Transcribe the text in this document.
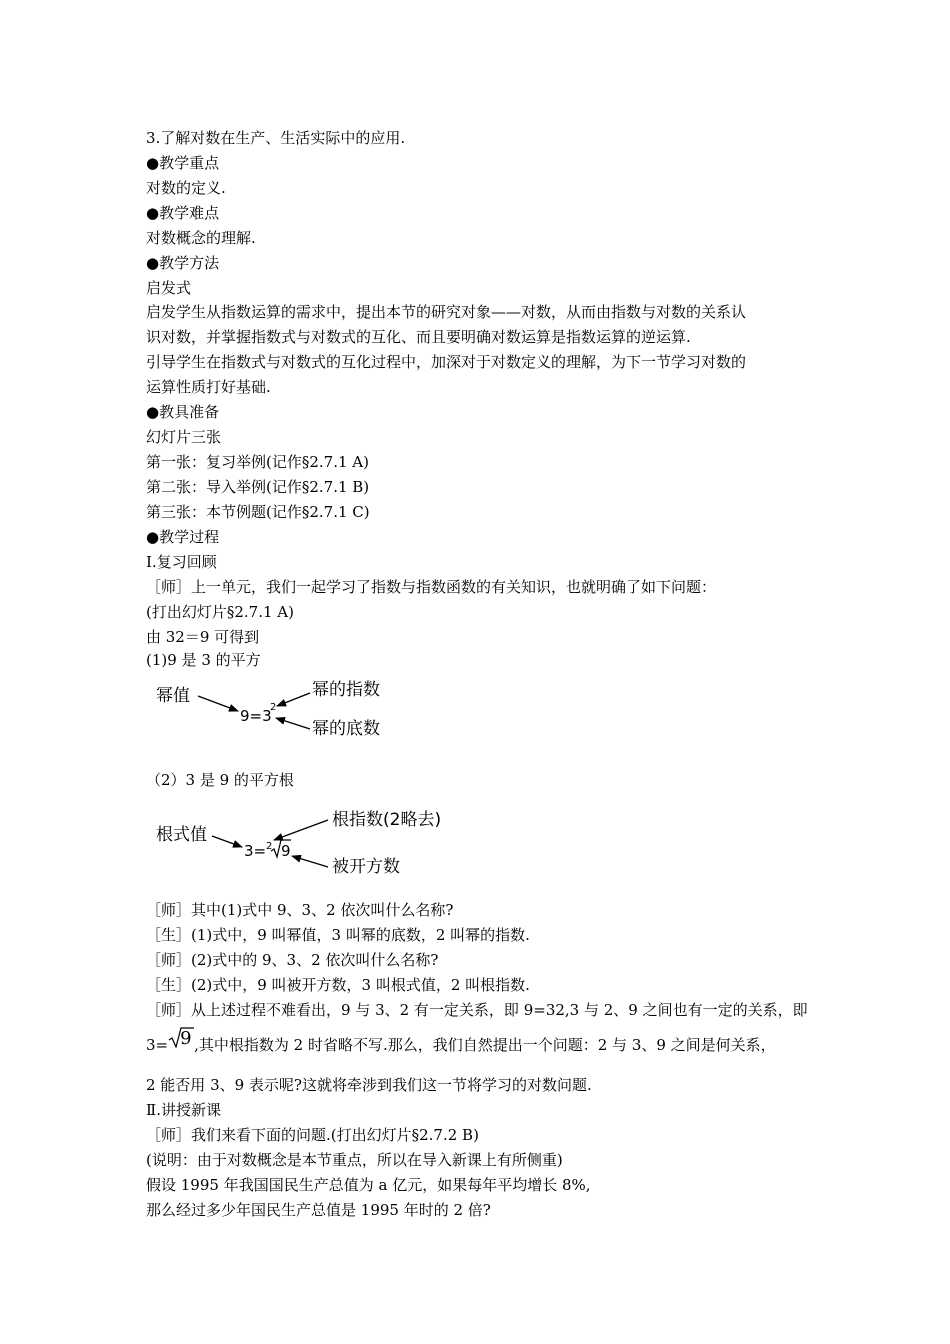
3.了解对数在生产、生活实际中的应用.
●教学重点
对数的定义.
●教学难点
对数概念的理解.
●教学方法
启发式
启发学生从指数运算的需求中，提出本节的研究对象——对数，从而由指数与对数的关系认
识对数，并掌握指数式与对数式的互化、而且要明确对数运算是指数运算的逆运算.
引导学生在指数式与对数式的互化过程中，加深对于对数定义的理解，为下一节学习对数的
运算性质打好基础.
●教具准备
幻灯片三张
第一张：复习举例(记作§2.7.1 A)
第二张：导入举例(记作§2.7.1 B)
第三张：本节例题(记作§2.7.1 C)
●教学过程
Ⅰ.复习回顾
［师］上一单元，我们一起学习了指数与指数函数的有关知识，也就明确了如下问题：
(打出幻灯片§2.7.1 A)
由 32＝9 可得到
(1)9 是 3 的平方
幂值
9=3
2
幂的指数
幂的底数
（2）3 是 9 的平方根
根式值
3= 2 9
根指数(2略去)
被开方数
［师］其中(1)式中 9、3、2 依次叫什么名称?
［生］(1)式中，9 叫幂值，3 叫幂的底数，2 叫幂的指数.
［师］(2)式中的 9、3、2 依次叫什么名称?
［生］(2)式中，9 叫被开方数，3 叫根式值，2 叫根指数.
［师］从上述过程不难看出，9 与 3、2 有一定关系，即 9=32,3 与 2、9 之间也有一定的关系，即
3= 9 ,其中根指数为 2 时省略不写.那么，我们自然提出一个问题：2 与 3、9 之间是何关系，
2 能否用 3、9 表示呢?这就将牵涉到我们这一节将学习的对数问题.
Ⅱ.讲授新课
［师］我们来看下面的问题.(打出幻灯片§2.7.2 B)
(说明：由于对数概念是本节重点，所以在导入新课上有所侧重)
假设 1995 年我国国民生产总值为 a 亿元，如果每年平均增长 8%,
那么经过多少年国民生产总值是 1995 年时的 2 倍?
